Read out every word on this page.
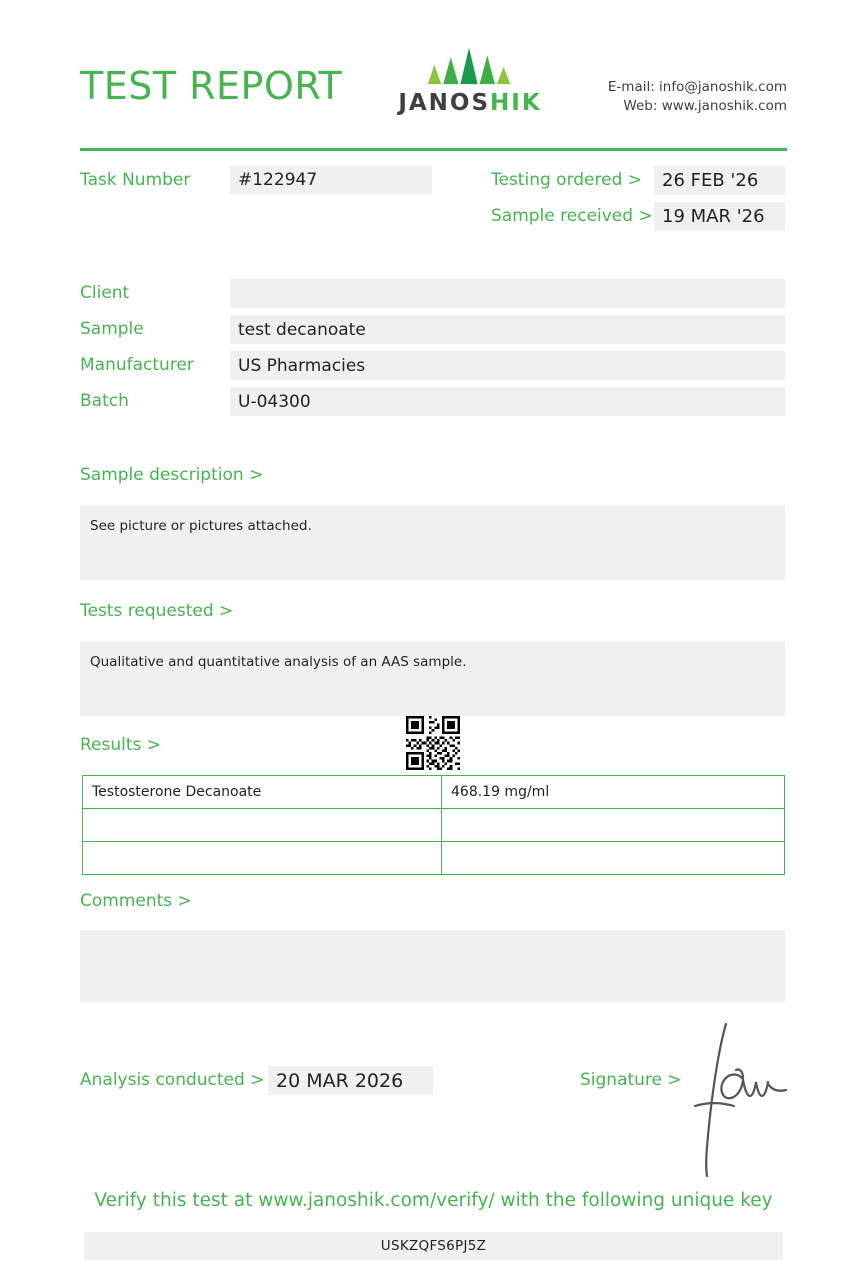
TEST REPORT	JANOSHIK
E-mail: info@janoshik.com
Web: www.janoshik.com
Task Number	#122947	Testing ordered >	26 FEB '26
Sample received > 19 MAR '26
Client
Sample	test decanoate
Manufacturer	US Pharmacies
Batch	U-04300
Sample description >
See picture or pictures attached.
Tests requested >
Qualitative and quantitative analysis of an AAS sample.
Results >
Testosterone Decanoate	468.19 mg/ml

Comments >
Analysis conducted > 20 MAR 2026	Signature >
Verify this test at www.janoshik.com/verify/ with the following unique key
USKZQFS6PJ5Z
